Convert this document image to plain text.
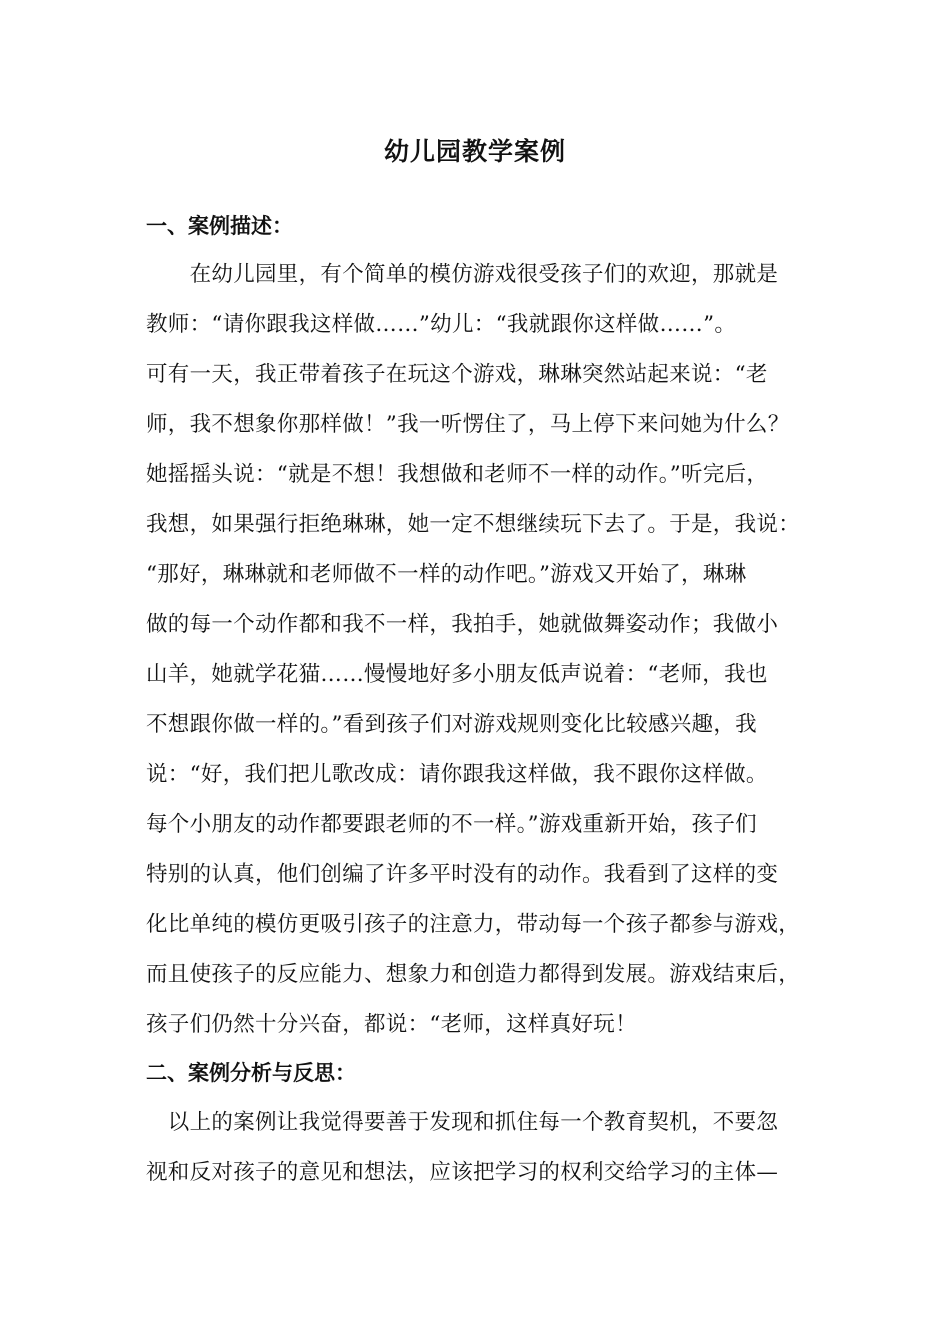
幼儿园教学案例
一、案例描述：
　　在幼儿园里，有个简单的模仿游戏很受孩子们的欢迎，那就是
教师：“请你跟我这样做……”幼儿：“我就跟你这样做……”。
可有一天，我正带着孩子在玩这个游戏，琳琳突然站起来说：“老
师，我不想象你那样做！”我一听愣住了，马上停下来问她为什么？
她摇摇头说：“就是不想！我想做和老师不一样的动作。”听完后，
我想，如果强行拒绝琳琳，她一定不想继续玩下去了。于是，我说：
“那好，琳琳就和老师做不一样的动作吧。”游戏又开始了，琳琳
做的每一个动作都和我不一样，我拍手，她就做舞姿动作；我做小
山羊，她就学花猫……慢慢地好多小朋友低声说着：“老师，我也
不想跟你做一样的。”看到孩子们对游戏规则变化比较感兴趣，我
说：“好，我们把儿歌改成：请你跟我这样做，我不跟你这样做。
每个小朋友的动作都要跟老师的不一样。”游戏重新开始，孩子们
特别的认真，他们创编了许多平时没有的动作。我看到了这样的变
化比单纯的模仿更吸引孩子的注意力，带动每一个孩子都参与游戏，
而且使孩子的反应能力、想象力和创造力都得到发展。游戏结束后，
孩子们仍然十分兴奋，都说：“老师，这样真好玩！
二、案例分析与反思：
　以上的案例让我觉得要善于发现和抓住每一个教育契机，不要忽
视和反对孩子的意见和想法，应该把学习的权利交给学习的主体—
